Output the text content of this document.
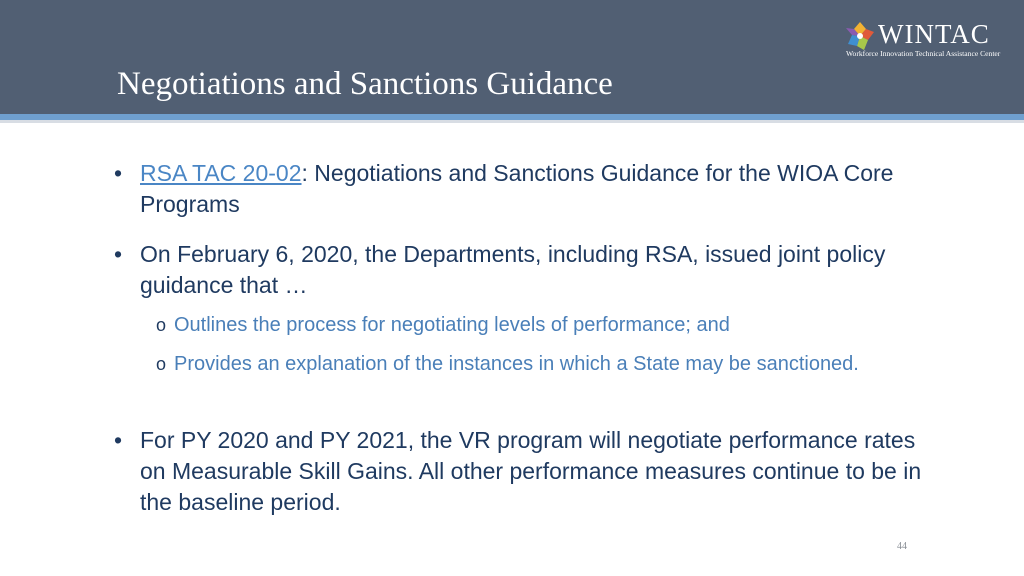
Negotiations and Sanctions Guidance
WINTAC
Workforce Innovation Technical Assistance Center
• RSA TAC 20-02: Negotiations and Sanctions Guidance for the WIOA Core Programs
• On February 6, 2020, the Departments, including RSA, issued joint policy guidance that …
o Outlines the process for negotiating levels of performance; and
o Provides an explanation of the instances in which a State may be sanctioned.
• For PY 2020 and PY 2021, the VR program will negotiate performance rates on Measurable Skill Gains. All other performance measures continue to be in the baseline period.
44
